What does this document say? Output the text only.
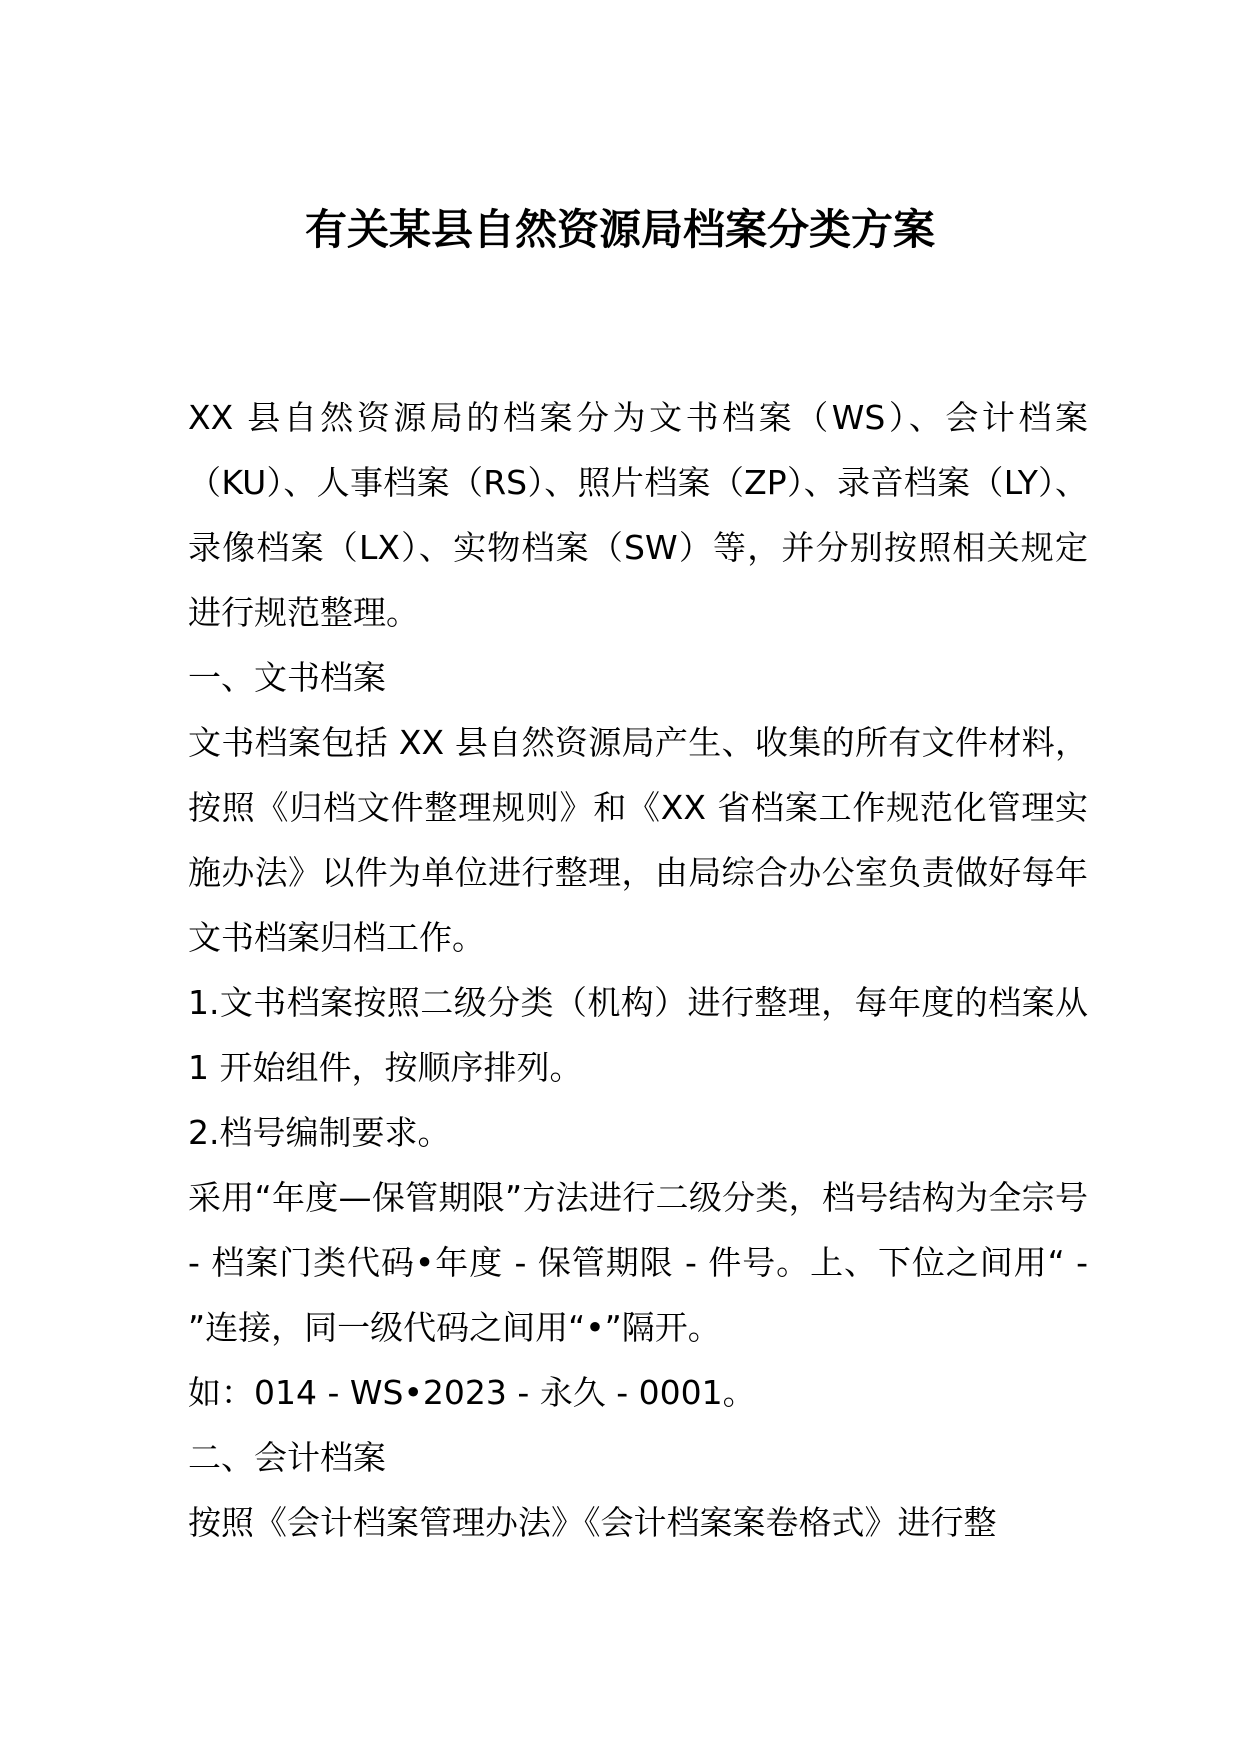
有关某县自然资源局档案分类方案

XX 县自然资源局的档案分为文书档案（WS）、会计档案（KU）、人事档案（RS）、照片档案（ZP）、录音档案（LY）、录像档案（LX）、实物档案（SW）等，并分别按照相关规定进行规范整理。

一、文书档案

文书档案包括 XX 县自然资源局产生、收集的所有文件材料，按照《归档文件整理规则》和《XX 省档案工作规范化管理实施办法》以件为单位进行整理，由局综合办公室负责做好每年文书档案归档工作。

1.文书档案按照二级分类（机构）进行整理，每年度的档案从 1 开始组件，按顺序排列。

2.档号编制要求。

采用“年度—保管期限”方法进行二级分类，档号结构为全宗号 - 档案门类代码•年度 - 保管期限 - 件号。上、下位之间用“ - ”连接，同一级代码之间用“•”隔开。

如：014 - WS•2023 - 永久 - 0001。

二、会计档案

按照《会计档案管理办法》《会计档案案卷格式》进行整
